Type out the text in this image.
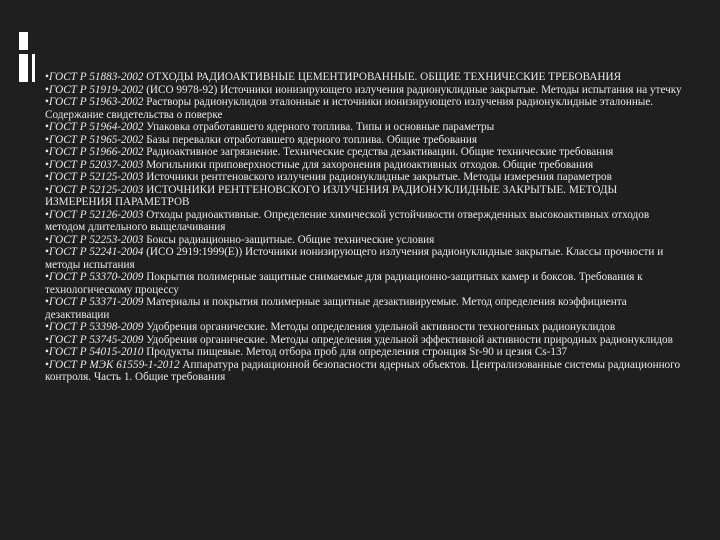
•ГОСТ Р 51883-2002 ОТХОДЫ РАДИОАКТИВНЫЕ ЦЕМЕНТИРОВАННЫЕ. ОБЩИЕ ТЕХНИЧЕСКИЕ ТРЕБОВАНИЯ

•ГОСТ Р 51919-2002 (ИСО 9978-92) Источники ионизирующего излучения радионуклидные закрытые. Методы испытания на утечку

•ГОСТ Р 51963-2002 Растворы радионуклидов эталонные и источники ионизирующего излучения радионуклидные эталонные. Содержание свидетельства о поверке

•ГОСТ Р 51964-2002 Упаковка отработавшего ядерного топлива. Типы и основные параметры

•ГОСТ Р 51965-2002 Базы перевалки отработавшего ядерного топлива. Общие требования

•ГОСТ Р 51966-2002 Радиоактивное загрязнение. Технические средства дезактивации. Общие технические требования

•ГОСТ Р 52037-2003 Могильники приповерхностные для захоронения радиоактивных отходов. Общие требования

•ГОСТ Р 52125-2003 Источники рентгеновского излучения радионуклидные закрытые. Методы измерения параметров

•ГОСТ Р 52125-2003 ИСТОЧНИКИ РЕНТГЕНОВСКОГО ИЗЛУЧЕНИЯ РАДИОНУКЛИДНЫЕ ЗАКРЫТЫЕ. МЕТОДЫ ИЗМЕРЕНИЯ ПАРАМЕТРОВ

•ГОСТ Р 52126-2003 Отходы радиоактивные. Определение химической устойчивости отвержденных высокоактивных отходов методом длительного выщелачивания

•ГОСТ Р 52253-2003 Боксы радиационно-защитные. Общие технические условия

•ГОСТ Р 52241-2004 (ИСО 2919:1999(Е)) Источники ионизирующего излучения радионуклидные закрытые. Классы прочности и методы испытания

•ГОСТ Р 53370-2009 Покрытия полимерные защитные снимаемые для радиационно-защитных камер и боксов. Требования к технологическому процессу

•ГОСТ Р 53371-2009 Материалы и покрытия полимерные защитные дезактивируемые. Метод определения коэффициента дезактивации

•ГОСТ Р 53398-2009 Удобрения органические. Методы определения удельной активности техногенных радионуклидов

•ГОСТ Р 53745-2009 Удобрения органические. Методы определения удельной эффективной активности природных радионуклидов

•ГОСТ Р 54015-2010 Продукты пищевые. Метод отбора проб для определения стронция Sr-90 и цезия Cs-137

•ГОСТ Р МЭК 61559-1-2012 Аппаратура радиационной безопасности ядерных объектов. Централизованные системы радиационного контроля. Часть 1. Общие требования
